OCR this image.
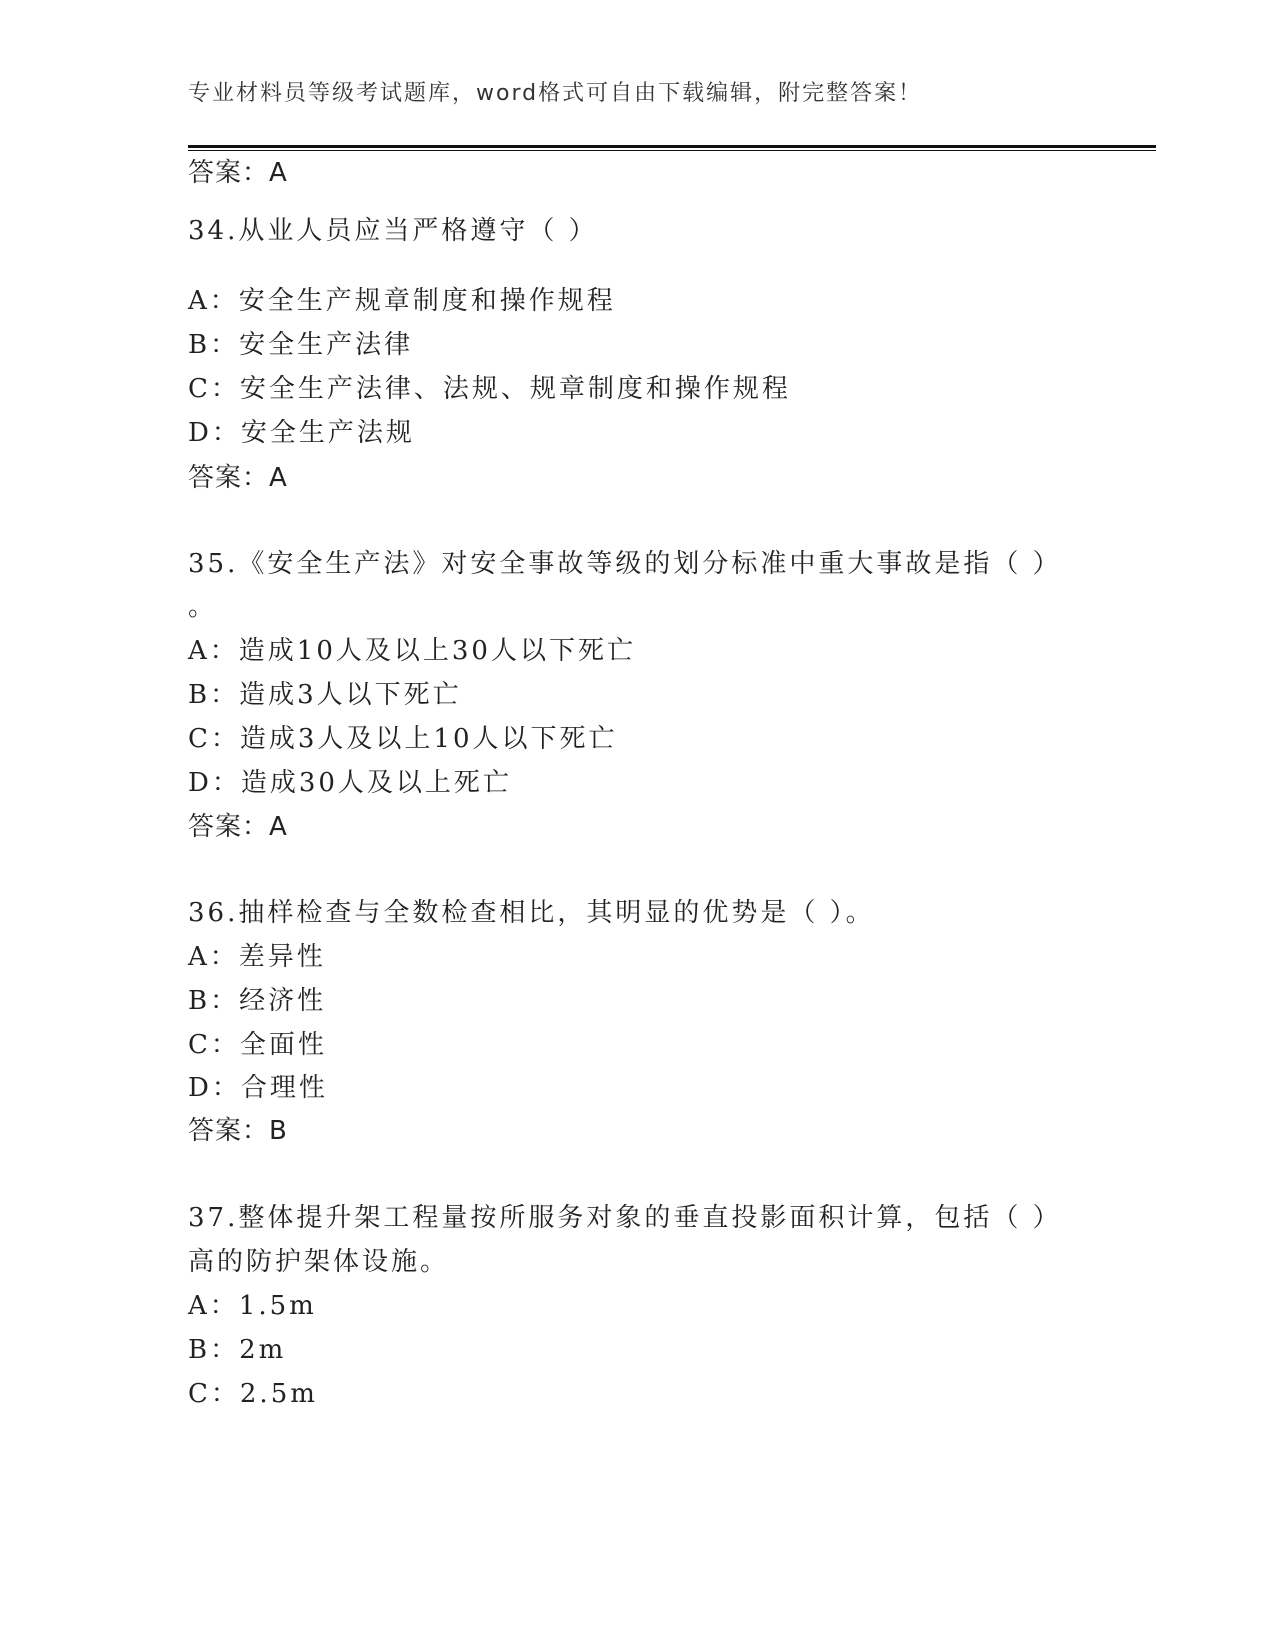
专业材料员等级考试题库，word格式可自由下载编辑，附完整答案！
答案：A
34.从业人员应当严格遵守（ ）
A：安全生产规章制度和操作规程
B：安全生产法律
C：安全生产法律、法规、规章制度和操作规程
D：安全生产法规
答案：A
35.《安全生产法》对安全事故等级的划分标准中重大事故是指（ ）
。
A：造成10人及以上30人以下死亡
B：造成3人以下死亡
C：造成3人及以上10人以下死亡
D：造成30人及以上死亡
答案：A
36.抽样检查与全数检查相比，其明显的优势是（ ）。
A：差异性
B：经济性
C：全面性
D：合理性
答案：B
37.整体提升架工程量按所服务对象的垂直投影面积计算，包括（ ）
高的防护架体设施。
A：1.5m
B：2m
C：2.5m
